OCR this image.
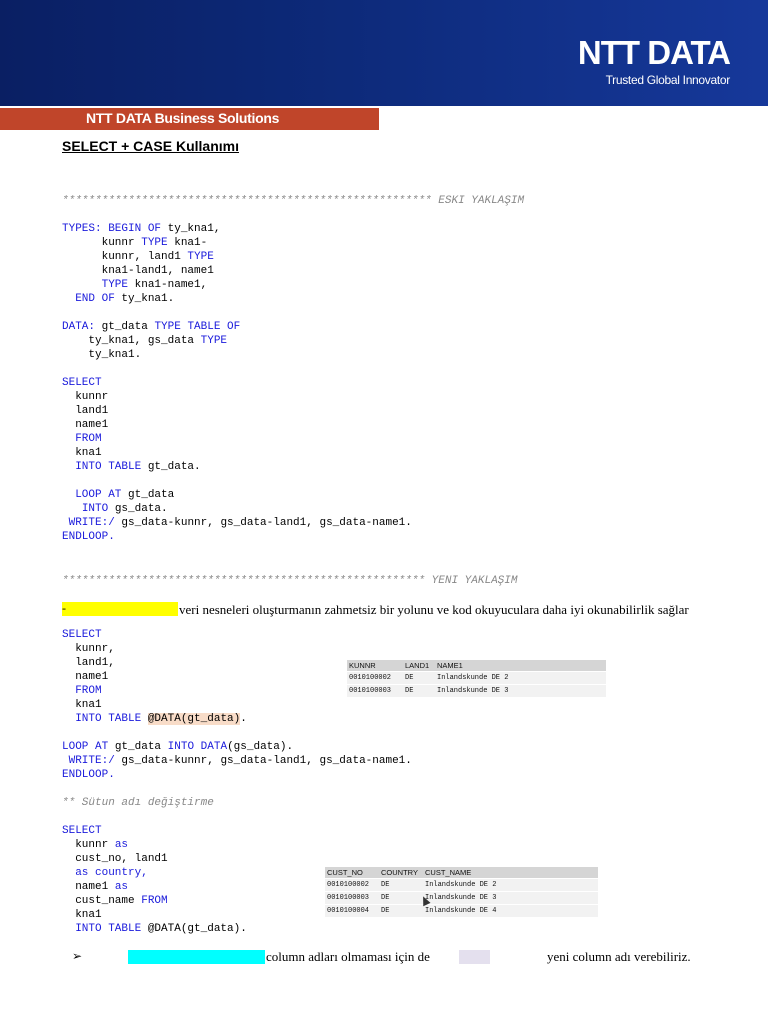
NTT DATA
Trusted Global Innovator
NTT DATA Business Solutions
SELECT + CASE Kullanımı
******************************************************** ESKI YAKLAŞIM
TYPES: BEGIN OF ty_kna1,
kunnr TYPE kna1-
kunnr, land1 TYPE
kna1-land1, name1
TYPE kna1-name1,
END OF ty_kna1.

DATA: gt_data TYPE TABLE OF
ty_kna1, gs_data TYPE
ty_kna1.

SELECT
kunnr
land1
name1
FROM
kna1
INTO TABLE gt_data.

LOOP AT gt_data
INTO gs_data.
WRITE:/ gs_data-kunnr, gs_data-land1, gs_data-name1.
ENDLOOP.
******************************************************* YENI YAKLAŞIM
-	veri nesneleri oluşturmanın zahmetsiz bir yolunu ve kod okuyuculara daha iyi okunabilirlik sağlar
SELECT
kunnr,
land1,
name1
FROM
kna1
INTO TABLE @DATA(gt_data).

LOOP AT gt_data INTO DATA(gs_data).
WRITE:/ gs_data-kunnr, gs_data-land1, gs_data-name1.
ENDLOOP.

** Sütun adı değiştirme

SELECT
kunnr as
cust_no, land1
as country,
name1 as
cust_name FROM
kna1
INTO TABLE @DATA(gt_data).
KUNNR	LAND1	NAME1
0010100002	DE	Inlandskunde DE 2
0010100003	DE	Inlandskunde DE 3
CUST_NO	COUNTRY	CUST_NAME
0010100002	DE	Inlandskunde DE 2
0010100003	DE	Inlandskunde DE 3
0010100004	DE	Inlandskunde DE 4
➢	column adları olmaması için de	yeni column adı verebiliriz.
